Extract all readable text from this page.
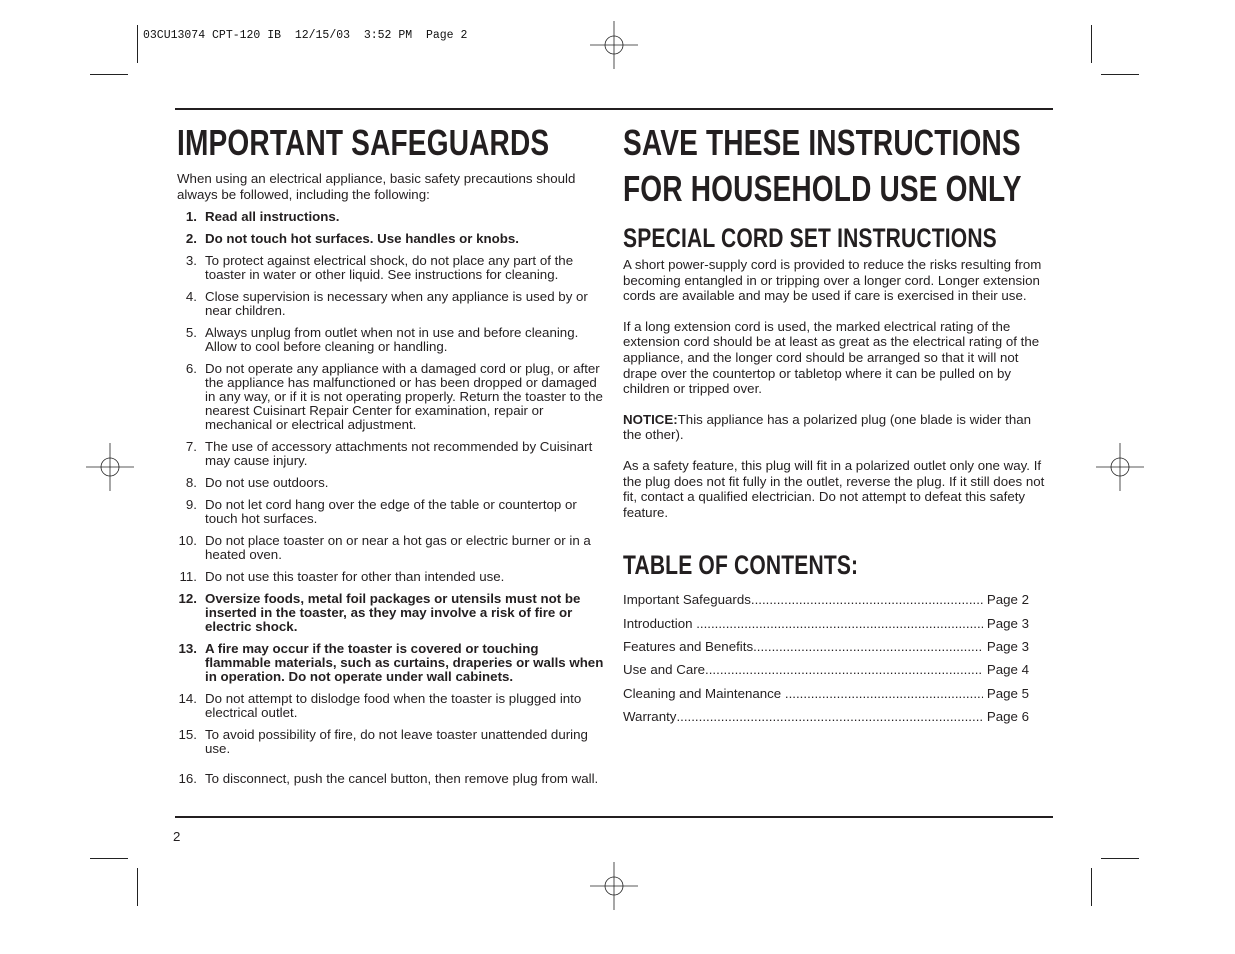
03CU13074 CPT-120 IB  12/15/03  3:52 PM  Page 2
IMPORTANT SAFEGUARDS

When using an electrical appliance, basic safety precautions should always be followed, including the following:

1. Read all instructions.
2. Do not touch hot surfaces. Use handles or knobs.
3. To protect against electrical shock, do not place any part of the toaster in water or other liquid. See instructions for cleaning.
4. Close supervision is necessary when any appliance is used by or near children.
5. Always unplug from outlet when not in use and before cleaning. Allow to cool before cleaning or handling.
6. Do not operate any appliance with a damaged cord or plug, or after the appliance has malfunctioned or has been dropped or damaged in any way, or if it is not operating properly. Return the toaster to the nearest Cuisinart Repair Center for examination, repair or mechanical or electrical adjustment.
7. The use of accessory attachments not recommended by Cuisinart may cause injury.
8. Do not use outdoors.
9. Do not let cord hang over the edge of the table or countertop or touch hot surfaces.
10. Do not place toaster on or near a hot gas or electric burner or in a heated oven.
11. Do not use this toaster for other than intended use.
12. Oversize foods, metal foil packages or utensils must not be inserted in the toaster, as they may involve a risk of fire or electric shock.
13. A fire may occur if the toaster is covered or touching flammable materials, such as curtains, draperies or walls when in operation. Do not operate under wall cabinets.
14. Do not attempt to dislodge food when the toaster is plugged into electrical outlet.
15. To avoid possibility of fire, do not leave toaster unattended during use.
16. To disconnect, push the cancel button, then remove plug from wall.
SAVE THESE INSTRUCTIONS
FOR HOUSEHOLD USE ONLY
SPECIAL CORD SET INSTRUCTIONS

A short power-supply cord is provided to reduce the risks resulting from becoming entangled in or tripping over a longer cord. Longer extension cords are available and may be used if care is exercised in their use.

If a long extension cord is used, the marked electrical rating of the extension cord should be at least as great as the electrical rating of the appliance, and the longer cord should be arranged so that it will not drape over the countertop or tabletop where it can be pulled on by children or tripped over.

NOTICE:This appliance has a polarized plug (one blade is wider than the other).

As a safety feature, this plug will fit in a polarized outlet only one way. If the plug does not fit fully in the outlet, reverse the plug. If it still does not fit, contact a qualified electrician. Do not attempt to defeat this safety feature.

TABLE OF CONTENTS:
Important Safeguards .....	Page 2
Introduction .....	Page 3
Features and Benefits .....	Page 3
Use and Care .....	Page 4
Cleaning and Maintenance .....	Page 5
Warranty .....	Page 6
2
